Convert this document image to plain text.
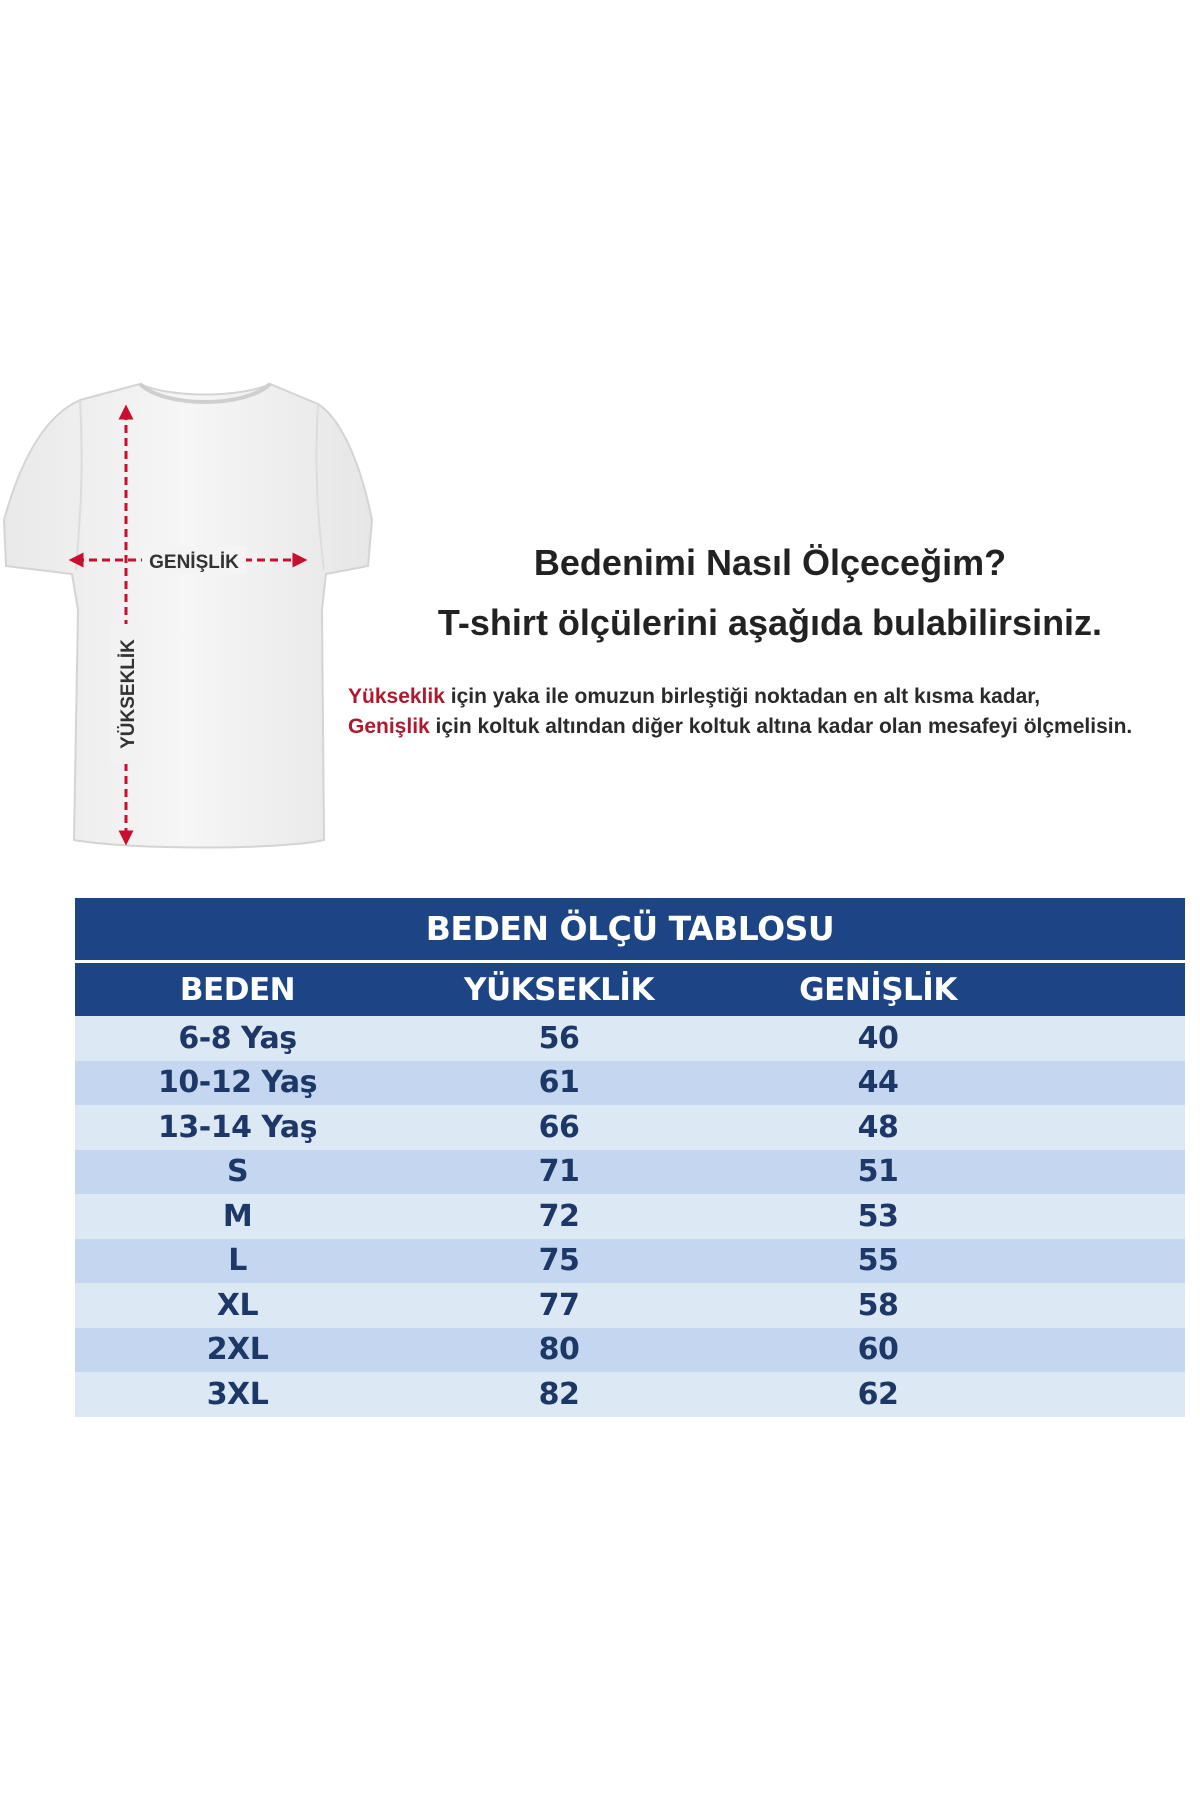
GENİŞLİK
YÜKSEKLİK
Bedenimi Nasıl Ölçeceğim?
T-shirt ölçülerini aşağıda bulabilirsiniz.
Yükseklik için yaka ile omuzun birleştiği noktadan en alt kısma kadar,
Genişlik için koltuk altından diğer koltuk altına kadar olan mesafeyi ölçmelisin.
BEDEN ÖLÇÜ TABLOSU
BEDEN	YÜKSEKLİK	GENİŞLİK
6-8 Yaş	56	40
10-12 Yaş	61	44
13-14 Yaş	66	48
S	71	51
M	72	53
L	75	55
XL	77	58
2XL	80	60
3XL	82	62
